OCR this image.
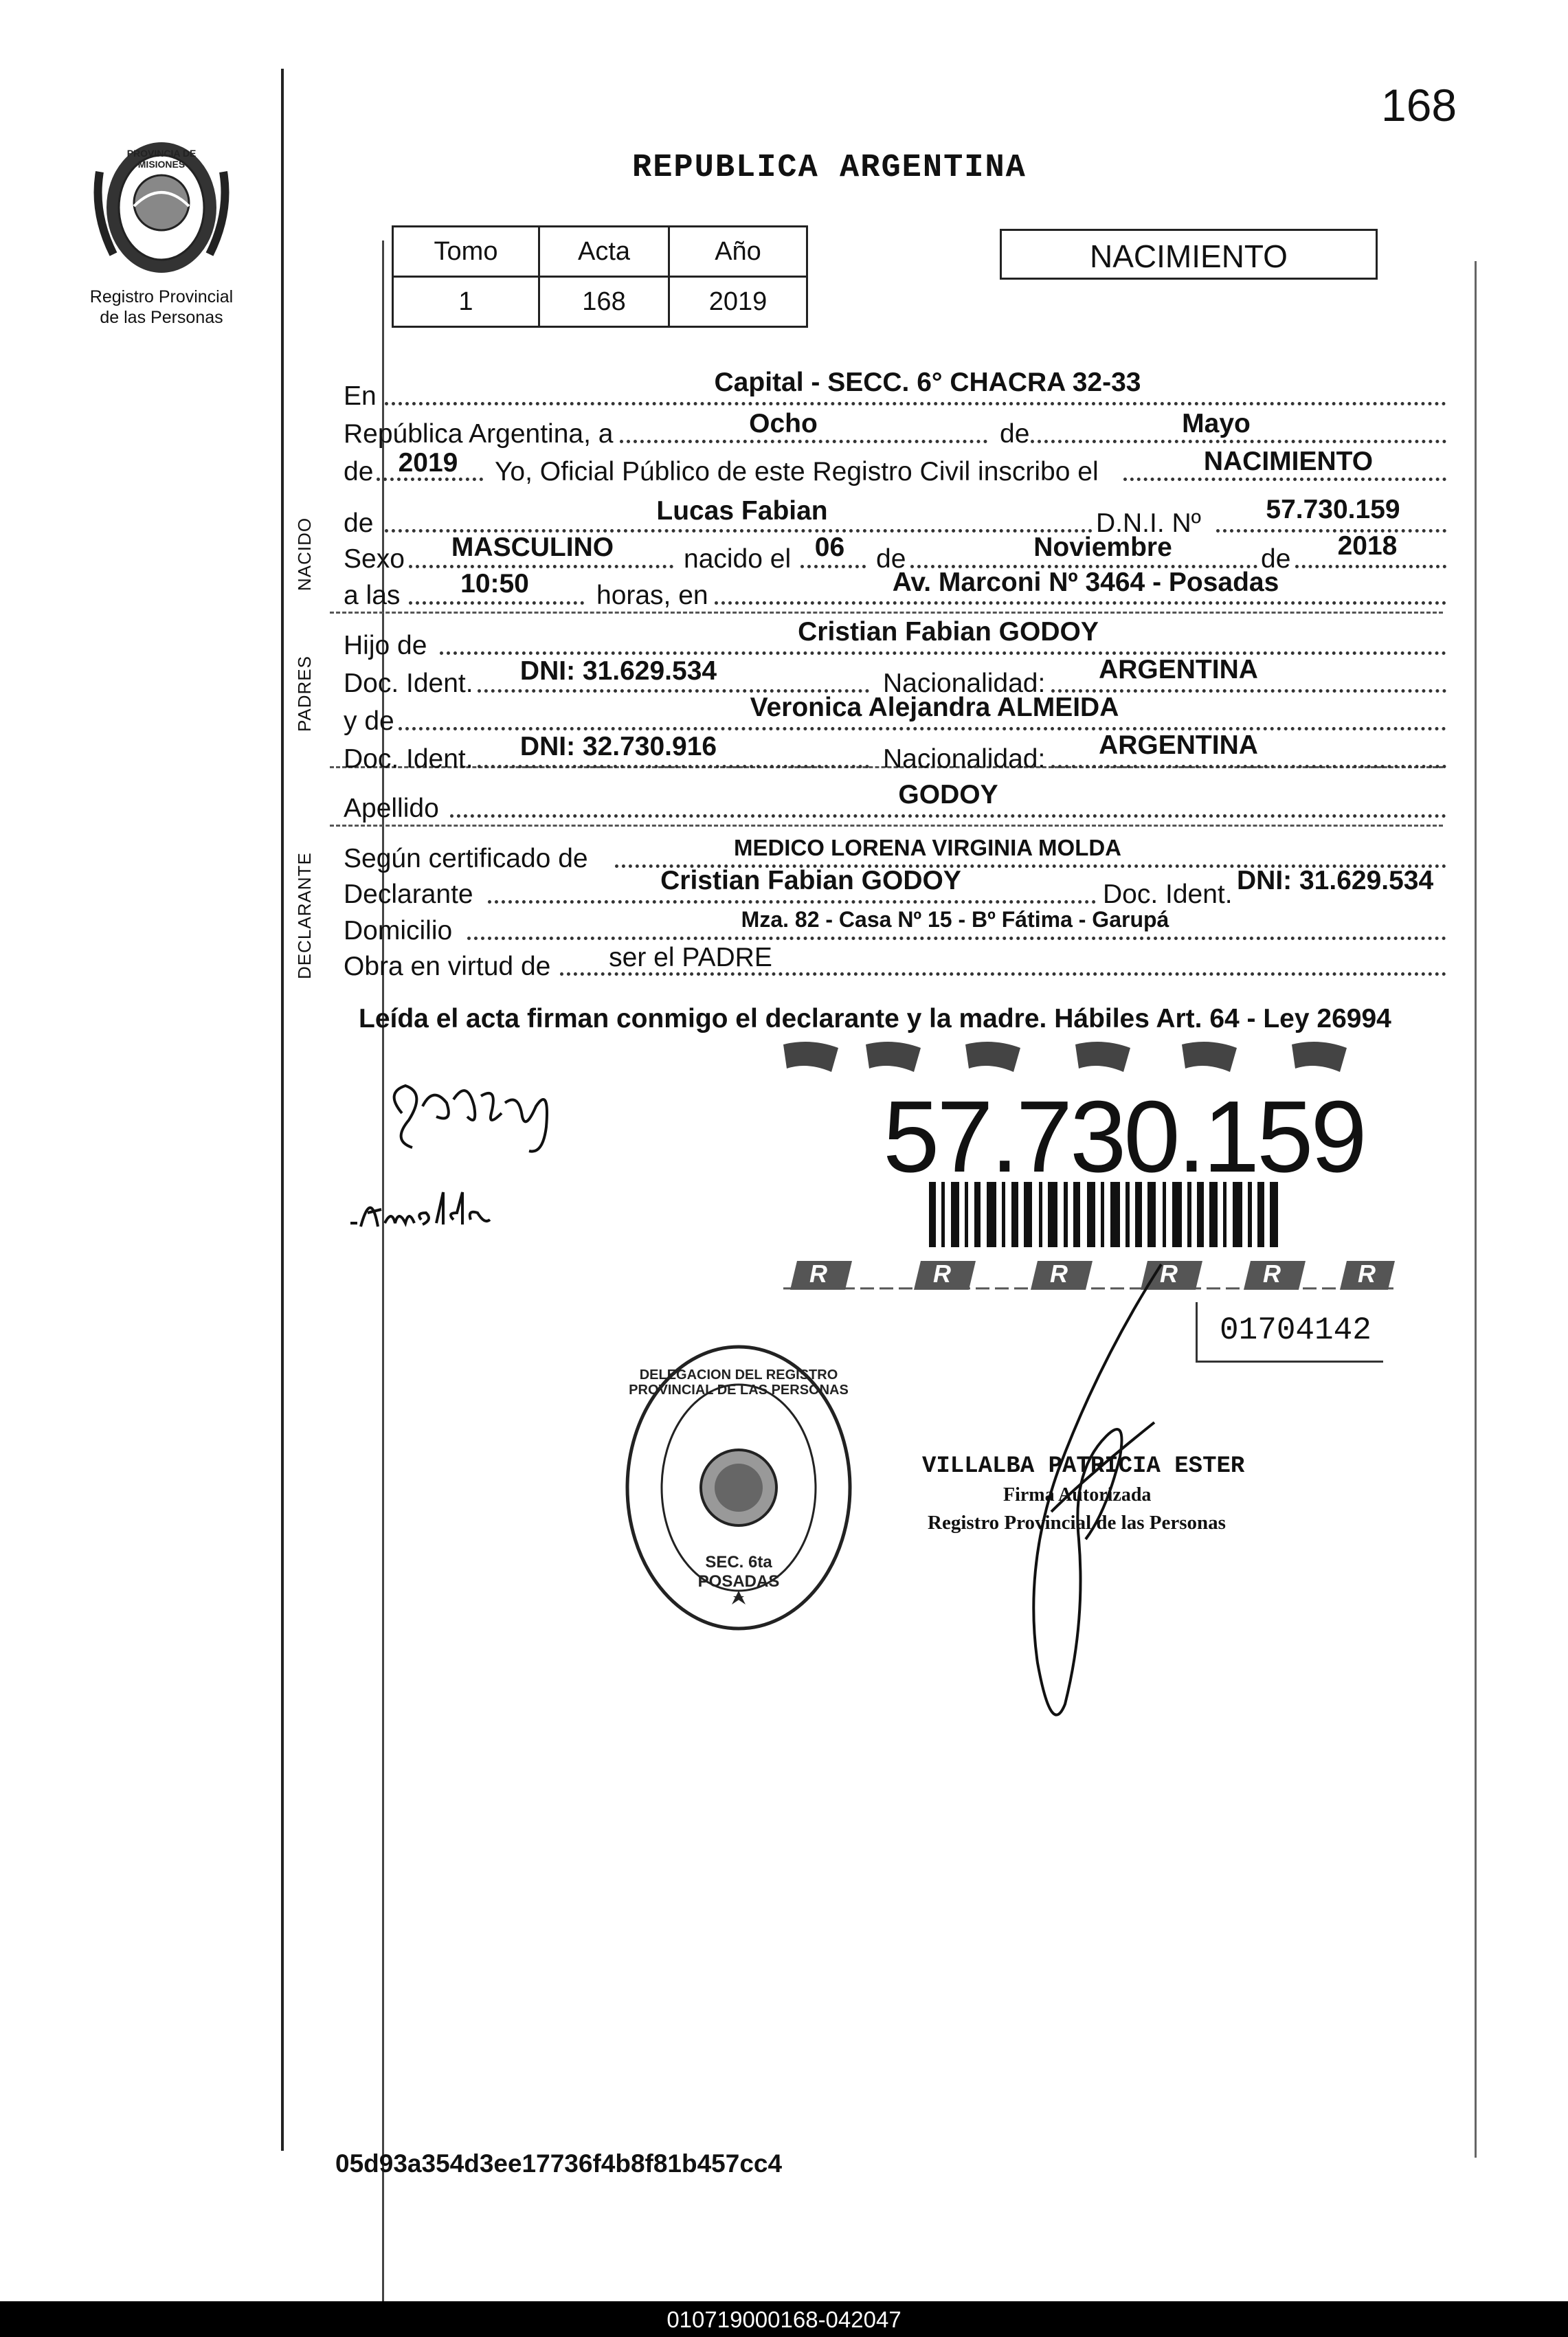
168
PROVINCIA DE MISIONES
Registro Provincial
de las Personas
REPUBLICA ARGENTINA
Tomo	Acta	Año
1	168	2019
NACIMIENTO
NACIDO
PADRES
DECLARANTE
En	Capital - SECC. 6° CHACRA 32-33
República Argentina, a	Ocho	de	Mayo
de 2019	Yo, Oficial Público de este Registro Civil inscribo el	NACIMIENTO
de	Lucas Fabian	D.N.I. Nº	57.730.159
Sexo	MASCULINO	nacido el 06	de	Noviembre	de	2018
a las	10:50	horas, en	Av. Marconi Nº 3464 - Posadas
Hijo de	Cristian Fabian GODOY
Doc. Ident.	DNI: 31.629.534	Nacionalidad:	ARGENTINA
y de	Veronica Alejandra ALMEIDA
Doc. Ident.	DNI: 32.730.916	Nacionalidad:	ARGENTINA
Apellido	GODOY
Según certificado de	MEDICO LORENA VIRGINIA MOLDA
Declarante	Cristian Fabian GODOY	Doc. Ident. DNI: 31.629.534
Domicilio	Mza. 82 - Casa Nº 15 - Bº Fátima - Garupá
Obra en virtud de	ser el PADRE
Leída el acta firman conmigo el declarante y la madre. Hábiles Art. 64 - Ley 26994
57.730.159
R	R	R	R	R	R
01704142
DELEGACION DEL REGISTRO PROVINCIAL DE LAS PERSONAS
SEC. 6ta POSADAS
VILLALBA PATRICIA ESTER
Firma Autorizada
Registro Provincial de las Personas
05d93a354d3ee17736f4b8f81b457cc4
010719000168-042047
